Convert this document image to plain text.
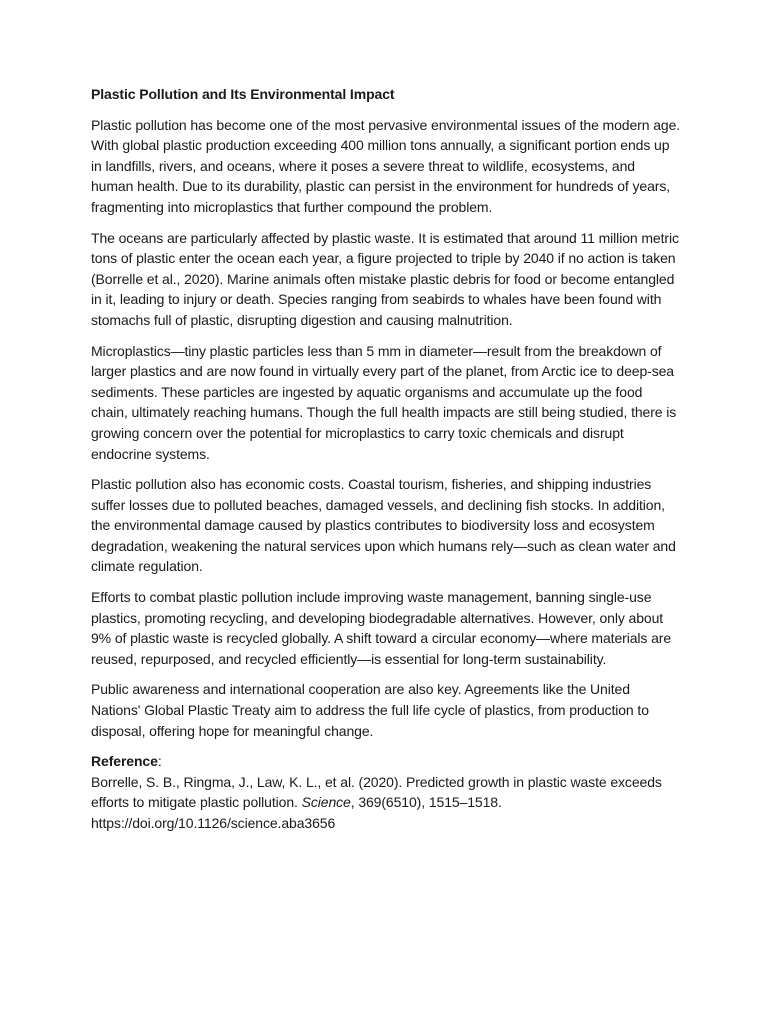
Plastic Pollution and Its Environmental Impact

Plastic pollution has become one of the most pervasive environmental issues of the modern age. With global plastic production exceeding 400 million tons annually, a significant portion ends up in landfills, rivers, and oceans, where it poses a severe threat to wildlife, ecosystems, and human health. Due to its durability, plastic can persist in the environment for hundreds of years, fragmenting into microplastics that further compound the problem.

The oceans are particularly affected by plastic waste. It is estimated that around 11 million metric tons of plastic enter the ocean each year, a figure projected to triple by 2040 if no action is taken (Borrelle et al., 2020). Marine animals often mistake plastic debris for food or become entangled in it, leading to injury or death. Species ranging from seabirds to whales have been found with stomachs full of plastic, disrupting digestion and causing malnutrition.

Microplastics—tiny plastic particles less than 5 mm in diameter—result from the breakdown of larger plastics and are now found in virtually every part of the planet, from Arctic ice to deep-sea sediments. These particles are ingested by aquatic organisms and accumulate up the food chain, ultimately reaching humans. Though the full health impacts are still being studied, there is growing concern over the potential for microplastics to carry toxic chemicals and disrupt endocrine systems.

Plastic pollution also has economic costs. Coastal tourism, fisheries, and shipping industries suffer losses due to polluted beaches, damaged vessels, and declining fish stocks. In addition, the environmental damage caused by plastics contributes to biodiversity loss and ecosystem degradation, weakening the natural services upon which humans rely—such as clean water and climate regulation.

Efforts to combat plastic pollution include improving waste management, banning single-use plastics, promoting recycling, and developing biodegradable alternatives. However, only about 9% of plastic waste is recycled globally. A shift toward a circular economy—where materials are reused, repurposed, and recycled efficiently—is essential for long-term sustainability.

Public awareness and international cooperation are also key. Agreements like the United Nations' Global Plastic Treaty aim to address the full life cycle of plastics, from production to disposal, offering hope for meaningful change.

Reference:

Borrelle, S. B., Ringma, J., Law, K. L., et al. (2020). Predicted growth in plastic waste exceeds efforts to mitigate plastic pollution. Science, 369(6510), 1515–1518.
https://doi.org/10.1126/science.aba3656
